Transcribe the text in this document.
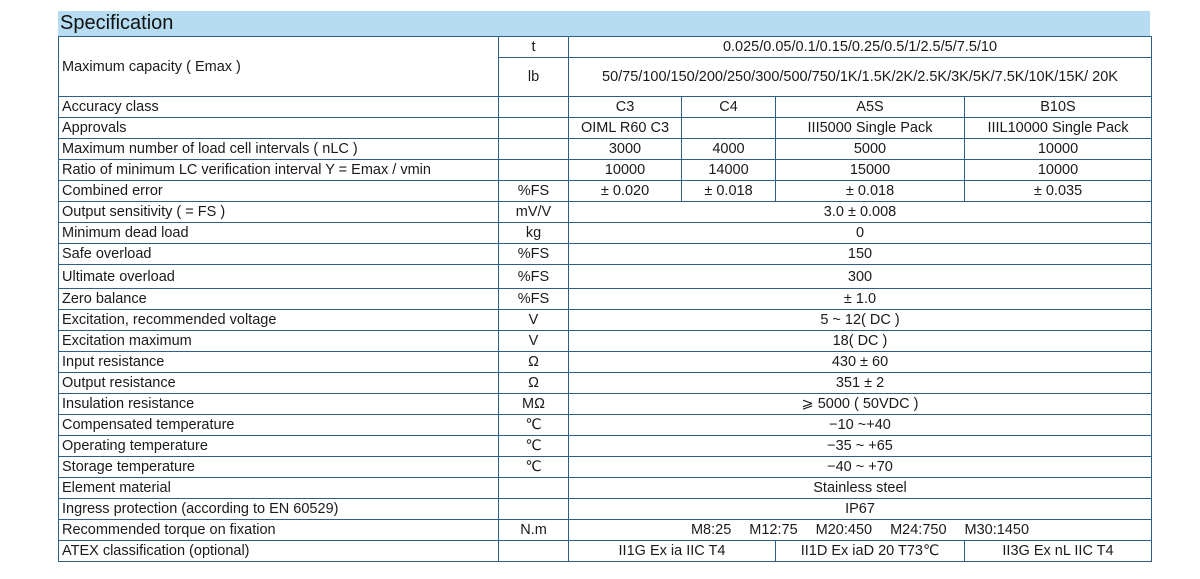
Specification
Maximum capacity ( Emax )	t	0.025/0.05/0.1/0.15/0.25/0.5/1/2.5/5/7.5/10			
	lb	50/75/100/150/200/250/300/500/750/1K/1.5K/2K/2.5K/3K/5K/7.5K/10K/15K/ 20K			
Accuracy class		C3	C4	A5S	B10S
Approvals		OIML R60 C3		III5000 Single Pack	IIIL10000 Single Pack
Maximum number of load cell intervals ( nLC )		3000	4000	5000	10000
Ratio of minimum LC verification interval Y = Emax / vmin		10000	14000	15000	10000
Combined error	%FS	± 0.020	± 0.018	± 0.018	± 0.035
Output sensitivity ( = FS )	mV/V	3.0 ± 0.008			
Minimum dead load	kg	0			
Safe overload	%FS	150			
Ultimate overload	%FS	300			
Zero balance	%FS	± 1.0			
Excitation, recommended voltage	V	5 ~ 12( DC )			
Excitation maximum	V	18( DC )			
Input resistance	Ω	430 ± 60			
Output resistance	Ω	351 ± 2			
Insulation resistance	MΩ	⩾ 5000 ( 50VDC )			
Compensated temperature	℃	−10 ~+40			
Operating temperature	℃	−35 ~ +65			
Storage temperature	℃	−40 ~ +70			
Element material		Stainless steel			
Ingress protection (according to EN 60529)		IP67			
Recommended torque on fixation	N.m	M8:25 M12:75 M20:450 M24:750 M30:1450			
ATEX classification (optional)		II1G Ex ia IIC T4		II1D Ex iaD 20 T73℃	II3G Ex nL IIC T4
